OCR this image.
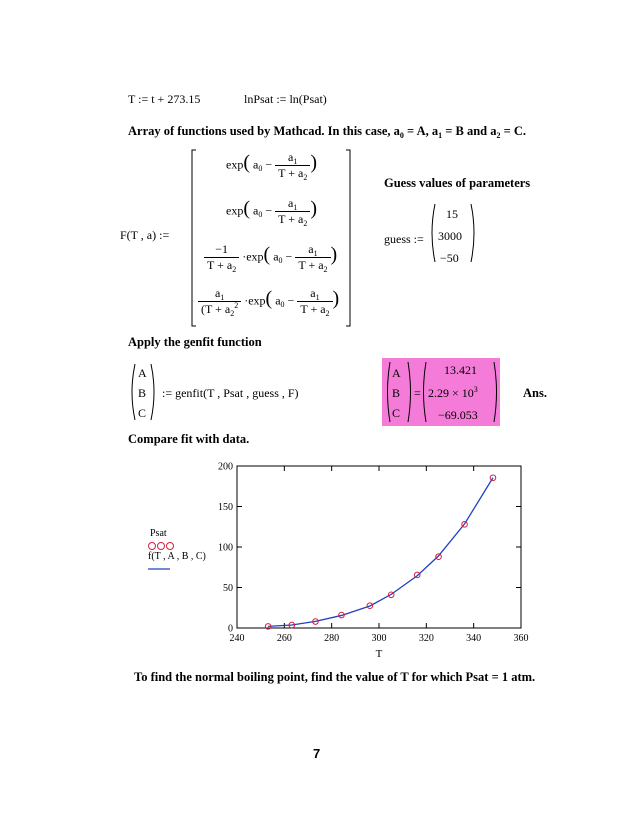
T := t + 273.15	lnPsat := ln(Psat)
Array of functions used by Mathcad. In this case, $a_0 = A$, $a_1 = B$ and $a_2 = C$.
F(T , a) :=
exp( $a_0 - \frac{a_1}{T + a_2}$ )
exp( $a_0 - \frac{a_1}{T + a_2}$ )
$\frac{-1}{T + a_2} \cdot\exp$( $a_0 - \frac{a_1}{T + a_2}$ )
$\frac{a_1}{(T + a_2^2} \cdot\exp$( $a_0 - \frac{a_1}{T + a_2}$ )
Guess values of parameters
guess :=
15
3000
−50
Apply the genfit function
A
B
C
:= genfit(T , Psat , guess , F)
A
B
C
=
13.421
$2.29 \times 10^3$
−69.053
Ans.
Compare fit with data.
Psat
f(T , A , B , C)
240	260	280	300	320	340	360
0
50
100
150
200
T
To find the normal boiling point, find the value of T for which Psat = 1 atm.
7
